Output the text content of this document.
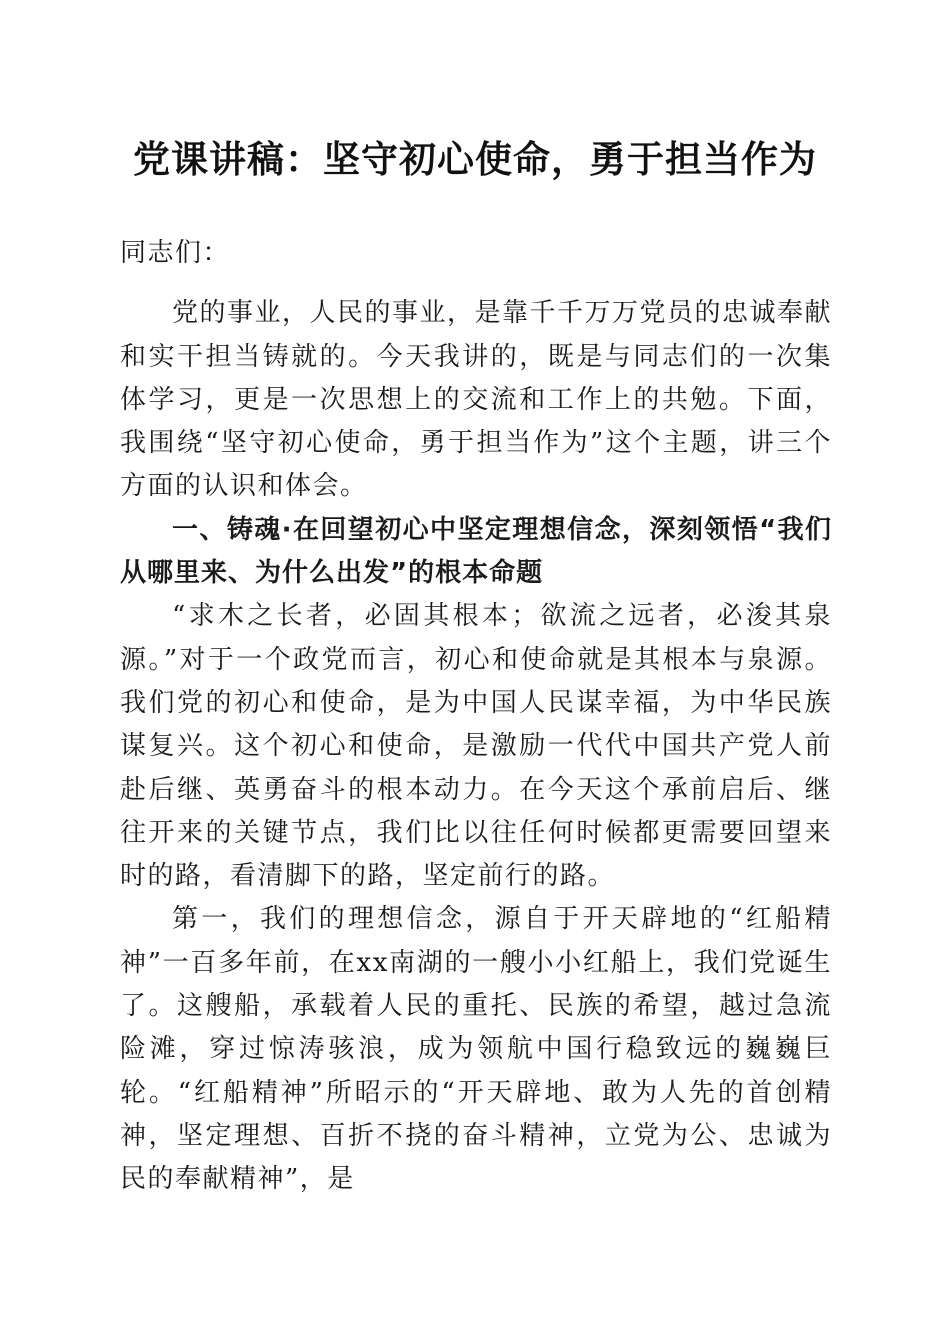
党课讲稿：坚守初心使命，勇于担当作为

同志们：

党的事业，人民的事业，是靠千千万万党员的忠诚奉献和实干担当铸就的。今天我讲的，既是与同志们的一次集体学习，更是一次思想上的交流和工作上的共勉。下面，我围绕“坚守初心使命，勇于担当作为”这个主题，讲三个方面的认识和体会。

一、铸魂·在回望初心中坚定理想信念，深刻领悟“我们从哪里来、为什么出发”的根本命题

“求木之长者，必固其根本；欲流之远者，必浚其泉源。”对于一个政党而言，初心和使命就是其根本与泉源。我们党的初心和使命，是为中国人民谋幸福，为中华民族谋复兴。这个初心和使命，是激励一代代中国共产党人前赴后继、英勇奋斗的根本动力。在今天这个承前启后、继往开来的关键节点，我们比以往任何时候都更需要回望来时的路，看清脚下的路，坚定前行的路。

第一，我们的理想信念，源自于开天辟地的“红船精神”一百多年前，在xx南湖的一艘小小红船上，我们党诞生了。这艘船，承载着人民的重托、民族的希望，越过急流险滩，穿过惊涛骇浪，成为领航中国行稳致远的巍巍巨轮。“红船精神”所昭示的“开天辟地、敢为人先的首创精神，坚定理想、百折不挠的奋斗精神，立党为公、忠诚为民的奉献精神”，是
